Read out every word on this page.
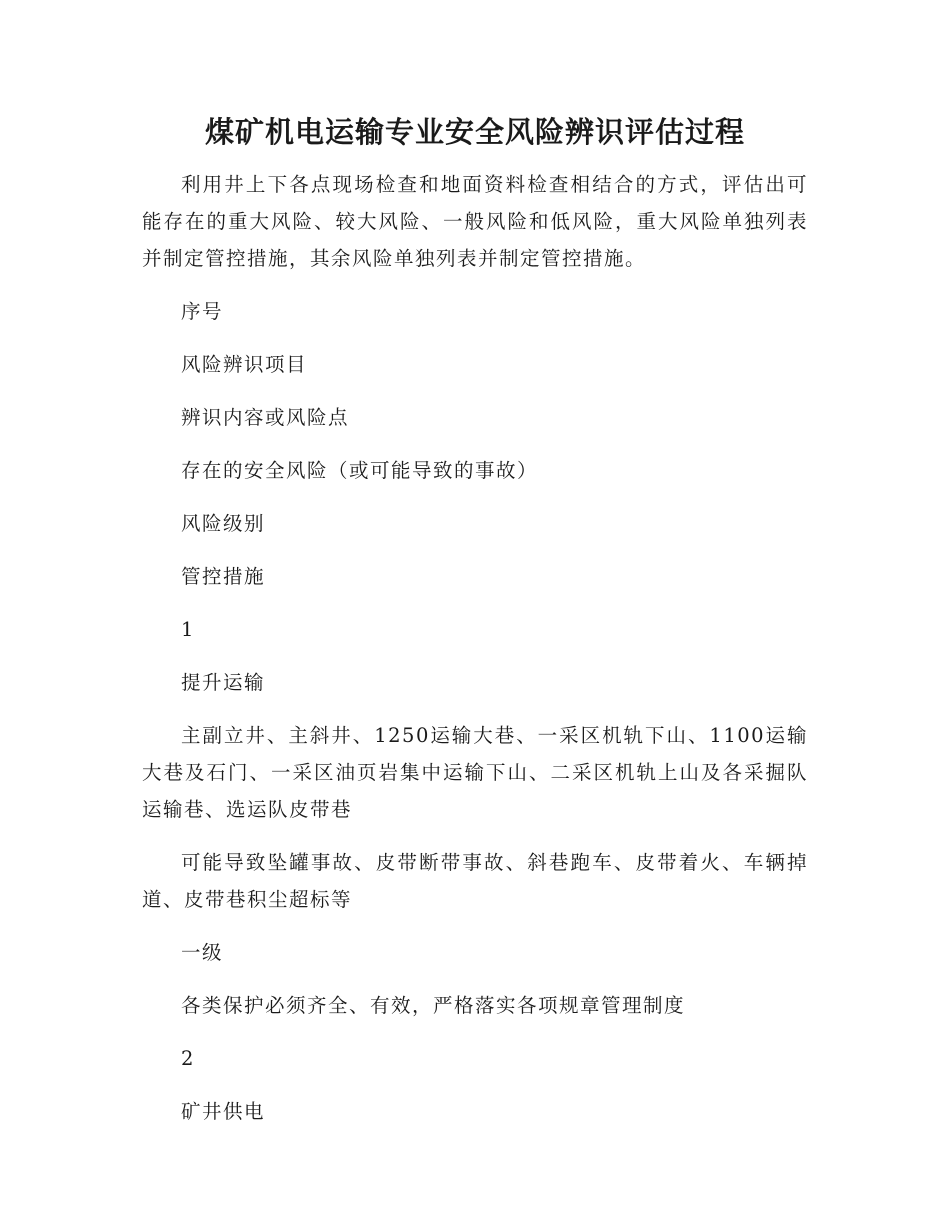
煤矿机电运输专业安全风险辨识评估过程

利用井上下各点现场检查和地面资料检查相结合的方式，评估出可能存在的重大风险、较大风险、一般风险和低风险，重大风险单独列表并制定管控措施，其余风险单独列表并制定管控措施。

序号

风险辨识项目

辨识内容或风险点

存在的安全风险（或可能导致的事故）

风险级别

管控措施

1

提升运输

主副立井、主斜井、1250运输大巷、一采区机轨下山、1100运输大巷及石门、一采区油页岩集中运输下山、二采区机轨上山及各采掘队运输巷、选运队皮带巷

可能导致坠罐事故、皮带断带事故、斜巷跑车、皮带着火、车辆掉道、皮带巷积尘超标等

一级

各类保护必须齐全、有效，严格落实各项规章管理制度

2

矿井供电
